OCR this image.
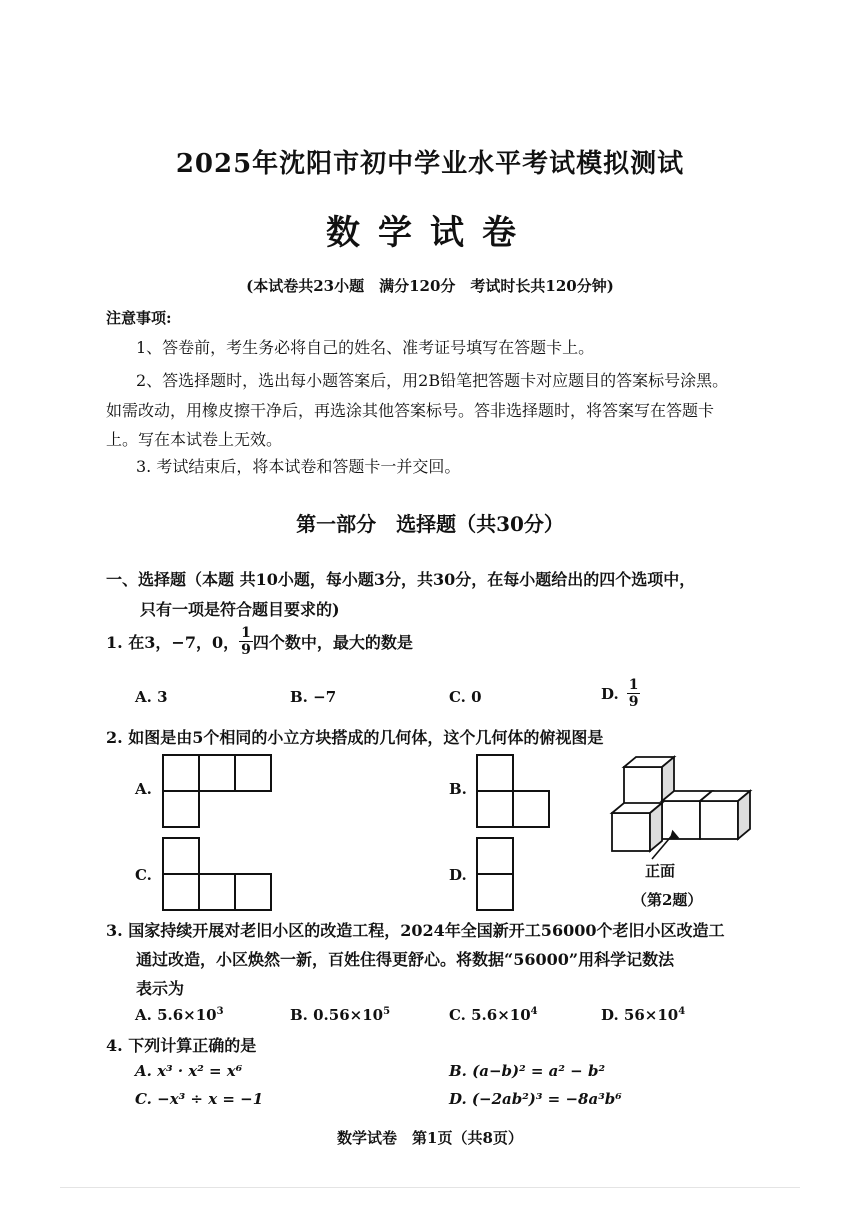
2025年沈阳市初中学业水平考试模拟测试
数学试卷
(本试卷共23小题　满分120分　考试时长共120分钟)
注意事项:
1、答卷前，考生务必将自己的姓名、准考证号填写在答题卡上。
2、答选择题时，选出每小题答案后，用2B铅笔把答题卡对应题目的答案标号涂黑。
如需改动，用橡皮擦干净后，再选涂其他答案标号。答非选择题时，将答案写在答题卡
上。写在本试卷上无效。
3. 考试结束后，将本试卷和答题卡一并交回。
第一部分　选择题（共30分）
一、选择题（本题 共10小题，每小题3分，共30分，在每小题给出的四个选项中，
只有一项是符合题目要求的)
1. 在3，−7，0， $\frac{1}{9}$ 四个数中，最大的数是
A. 3	B. −7	C. 0	D. $\frac{1}{9}$
2. 如图是由5个相同的小立方块搭成的几何体，这个几何体的俯视图是
A.	B.
C.	D.	正面
（第2题）
3. 国家持续开展对老旧小区的改造工程，2024年全国新开工56000个老旧小区改造工
通过改造，小区焕然一新，百姓住得更舒心。将数据“56000”用科学记数法
表示为
A. $5.6\times 10^3$	B. $0.56\times 10^5$	C. $5.6\times 10^4$	D. $56\times 10^4$
4. 下列计算正确的是
A. x³ · x² = x⁶	B. (a−b)² = a² − b²
C. −x³ ÷ x = −1	D. (−2ab²)³ = −8a³b⁶
数学试卷　第1页（共8页）
